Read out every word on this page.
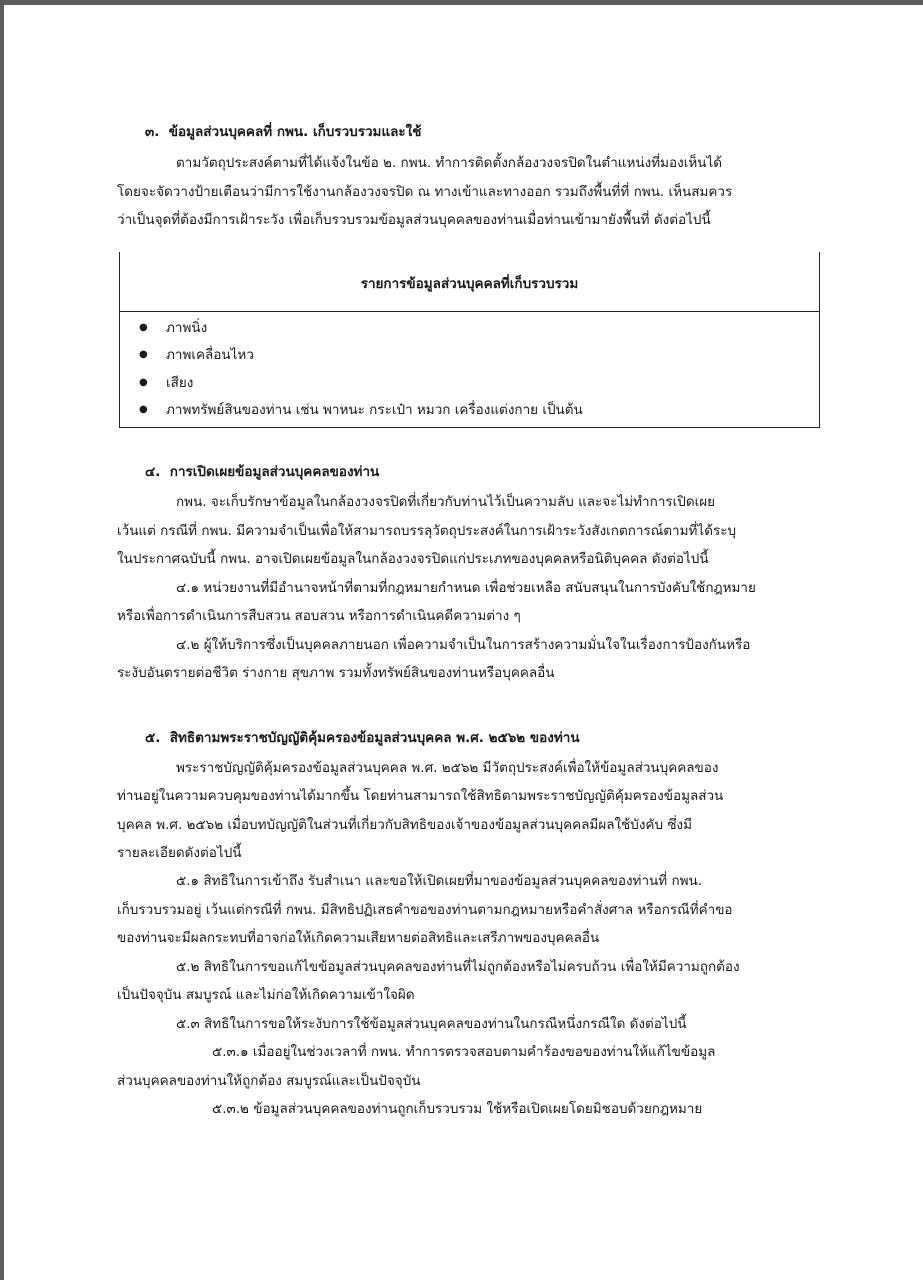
๓. ข้อมูลส่วนบุคคลที่ กพน. เก็บรวบรวมและใช้
ตามวัตถุประสงค์ตามที่ได้แจ้งในข้อ ๒. กพน. ทำการติดตั้งกล้องวงจรปิดในตำแหน่งที่มองเห็นได้
โดยจะจัดวางป้ายเตือนว่ามีการใช้งานกล้องวงจรปิด ณ ทางเข้าและทางออก รวมถึงพื้นที่ที่ กพน. เห็นสมควร
ว่าเป็นจุดที่ต้องมีการเฝ้าระวัง เพื่อเก็บรวบรวมข้อมูลส่วนบุคคลของท่านเมื่อท่านเข้ามายังพื้นที่ ดังต่อไปนี้
รายการข้อมูลส่วนบุคคลที่เก็บรวบรวม
● ภาพนิ่ง
● ภาพเคลื่อนไหว
● เสียง
● ภาพทรัพย์สินของท่าน เช่น พาหนะ กระเป๋า หมวก เครื่องแต่งกาย เป็นต้น
๔. การเปิดเผยข้อมูลส่วนบุคคลของท่าน
กพน. จะเก็บรักษาข้อมูลในกล้องวงจรปิดที่เกี่ยวกับท่านไว้เป็นความลับ และจะไม่ทำการเปิดเผย
เว้นแต่ กรณีที่ กพน. มีความจำเป็นเพื่อให้สามารถบรรลุวัตถุประสงค์ในการเฝ้าระวังสังเกตการณ์ตามที่ได้ระบุ
ในประกาศฉบับนี้ กพน. อาจเปิดเผยข้อมูลในกล้องวงจรปิดแก่ประเภทของบุคคลหรือนิติบุคคล ดังต่อไปนี้
๔.๑ หน่วยงานที่มีอำนาจหน้าที่ตามที่กฎหมายกำหนด เพื่อช่วยเหลือ สนับสนุนในการบังคับใช้กฎหมาย
หรือเพื่อการดำเนินการสืบสวน สอบสวน หรือการดำเนินคดีความต่าง ๆ
๔.๒ ผู้ให้บริการซึ่งเป็นบุคคลภายนอก เพื่อความจำเป็นในการสร้างความมั่นใจในเรื่องการป้องกันหรือ
ระงับอันตรายต่อชีวิต ร่างกาย สุขภาพ รวมทั้งทรัพย์สินของท่านหรือบุคคลอื่น
๕. สิทธิตามพระราชบัญญัติคุ้มครองข้อมูลส่วนบุคคล พ.ศ. ๒๕๖๒ ของท่าน
พระราชบัญญัติคุ้มครองข้อมูลส่วนบุคคล พ.ศ. ๒๕๖๒ มีวัตถุประสงค์เพื่อให้ข้อมูลส่วนบุคคลของ
ท่านอยู่ในความควบคุมของท่านได้มากขึ้น โดยท่านสามารถใช้สิทธิตามพระราชบัญญัติคุ้มครองข้อมูลส่วน
บุคคล พ.ศ. ๒๕๖๒ เมื่อบทบัญญัติในส่วนที่เกี่ยวกับสิทธิของเจ้าของข้อมูลส่วนบุคคลมีผลใช้บังคับ ซึ่งมี
รายละเอียดดังต่อไปนี้
๕.๑ สิทธิในการเข้าถึง รับสำเนา และขอให้เปิดเผยที่มาของข้อมูลส่วนบุคคลของท่านที่ กพน.
เก็บรวบรวมอยู่ เว้นแต่กรณีที่ กพน. มีสิทธิปฏิเสธคำขอของท่านตามกฎหมายหรือคำสั่งศาล หรือกรณีที่คำขอ
ของท่านจะมีผลกระทบที่อาจก่อให้เกิดความเสียหายต่อสิทธิและเสรีภาพของบุคคลอื่น
๕.๒ สิทธิในการขอแก้ไขข้อมูลส่วนบุคคลของท่านที่ไม่ถูกต้องหรือไม่ครบถ้วน เพื่อให้มีความถูกต้อง
เป็นปัจจุบัน สมบูรณ์ และไม่ก่อให้เกิดความเข้าใจผิด
๕.๓ สิทธิในการขอให้ระงับการใช้ข้อมูลส่วนบุคคลของท่านในกรณีหนึ่งกรณีใด ดังต่อไปนี้
๕.๓.๑ เมื่ออยู่ในช่วงเวลาที่ กพน. ทำการตรวจสอบตามคำร้องขอของท่านให้แก้ไขข้อมูล
ส่วนบุคคลของท่านให้ถูกต้อง สมบูรณ์และเป็นปัจจุบัน
๕.๓.๒ ข้อมูลส่วนบุคคลของท่านถูกเก็บรวบรวม ใช้หรือเปิดเผยโดยมิชอบด้วยกฎหมาย
